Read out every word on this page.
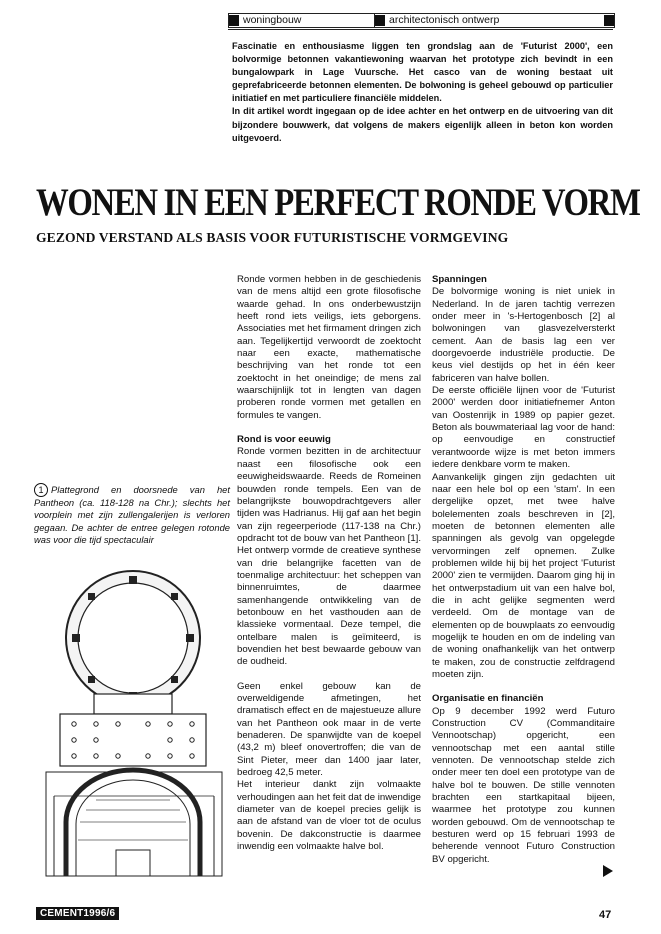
woningbouw	architectonisch ontwerp

Fascinatie en enthousiasme liggen ten grondslag aan de 'Futurist 2000', een bolvormige betonnen vakantiewoning waarvan het prototype zich bevindt in een bungalowpark in Lage Vuursche. Het casco van de woning bestaat uit geprefabriceerde betonnen elementen. De bolwoning is geheel gebouwd op particulier initiatief en met particuliere financiële middelen.

In dit artikel wordt ingegaan op de idee achter en het ontwerp en de uitvoering van dit bijzondere bouwwerk, dat volgens de makers eigenlijk alleen in beton kon worden uitgevoerd.

WONEN IN EEN PERFECT RONDE VORM
GEZOND VERSTAND ALS BASIS VOOR FUTURISTISCHE VORMGEVING
1 Plattegrond en doorsnede van het Pantheon (ca. 118-128 na Chr.); slechts het voorplein met zijn zullengalerijen is verloren gegaan. De achter de entree gelegen rotonde was voor die tijd spectaculair

Ronde vormen hebben in de geschiedenis van de mens altijd een grote filosofische waarde gehad. In ons onderbewustzijn heeft rond iets veiligs, iets geborgens. Associaties met het firmament dringen zich aan. Tegelijkertijd verwoordt de zoektocht naar een exacte, mathematische beschrijving van het ronde tot een zoektocht in het oneindige; de mens zal waarschijnlijk tot in lengten van dagen proberen ronde vormen met getallen en formules te vangen.

Rond is voor eeuwig

Ronde vormen bezitten in de architectuur naast een filosofische ook een eeuwigheidswaarde. Reeds de Romeinen bouwden ronde tempels. Een van de belangrijkste bouwopdrachtgevers aller tijden was Hadrianus. Hij gaf aan het begin van zijn regeerperiode (117-138 na Chr.) opdracht tot de bouw van het Pantheon [1]. Het ontwerp vormde de creatieve synthese van drie belangrijke facetten van de toenmalige architectuur: het scheppen van binnenruimtes, de daarmee samenhangende ontwikkeling van de betonbouw en het vasthouden aan de klassieke vormentaal. Deze tempel, die ontelbare malen is geïmiteerd, is bovendien het best bewaarde gebouw van de oudheid.

Geen enkel gebouw kan de overweldigende afmetingen, het dramatisch effect en de majestueuze allure van het Pantheon ook maar in de verte benaderen. De spanwijdte van de koepel (43,2 m) bleef onovertroffen; die van de Sint Pieter, meer dan 1400 jaar later, bedroeg 42,5 meter.

Het interieur dankt zijn volmaakte verhoudingen aan het feit dat de inwendige diameter van de koepel precies gelijk is aan de afstand van de vloer tot de oculus bovenin. De dakconstructie is daarmee inwendig een volmaakte halve bol.

Spanningen

De bolvormige woning is niet uniek in Nederland. In de jaren tachtig verrezen onder meer in 's-Hertogenbosch [2] al bolwoningen van glasvezelversterkt cement. Aan de basis lag een ver doorgevoerde industriële productie. De keus viel destijds op het in één keer fabriceren van halve bollen.

De eerste officiële lijnen voor de 'Futurist 2000' werden door initiatiefnemer Anton van Oostenrijk in 1989 op papier gezet. Beton als bouwmateriaal lag voor de hand: op eenvoudige en constructief verantwoorde wijze is met beton immers iedere denkbare vorm te maken.

Aanvankelijk gingen zijn gedachten uit naar een hele bol op een 'stam'. In een dergelijke opzet, met twee halve bolelementen zoals beschreven in [2], moeten de betonnen elementen alle spanningen als gevolg van opgelegde vervormingen zelf opnemen. Zulke problemen wilde hij bij het project 'Futurist 2000' zien te vermijden. Daarom ging hij in het ontwerpstadium uit van een halve bol, die in acht gelijke segmenten werd verdeeld. Om de montage van de elementen op de bouwplaats zo eenvoudig mogelijk te houden en om de indeling van de woning onafhankelijk van het ontwerp te maken, zou de constructie zelfdragend moeten zijn.

Organisatie en financiën

Op 9 december 1992 werd Futuro Construction CV (Commanditaire Vennootschap) opgericht, een vennootschap met een aantal stille vennoten. De vennootschap stelde zich onder meer ten doel een prototype van de halve bol te bouwen. De stille vennoten brachten een startkapitaal bijeen, waarmee het prototype zou kunnen worden gebouwd. Om de vennootschap te besturen werd op 15 februari 1993 de beherende vennoot Futuro Construction BV opgericht.

CEMENT1996/6	47
